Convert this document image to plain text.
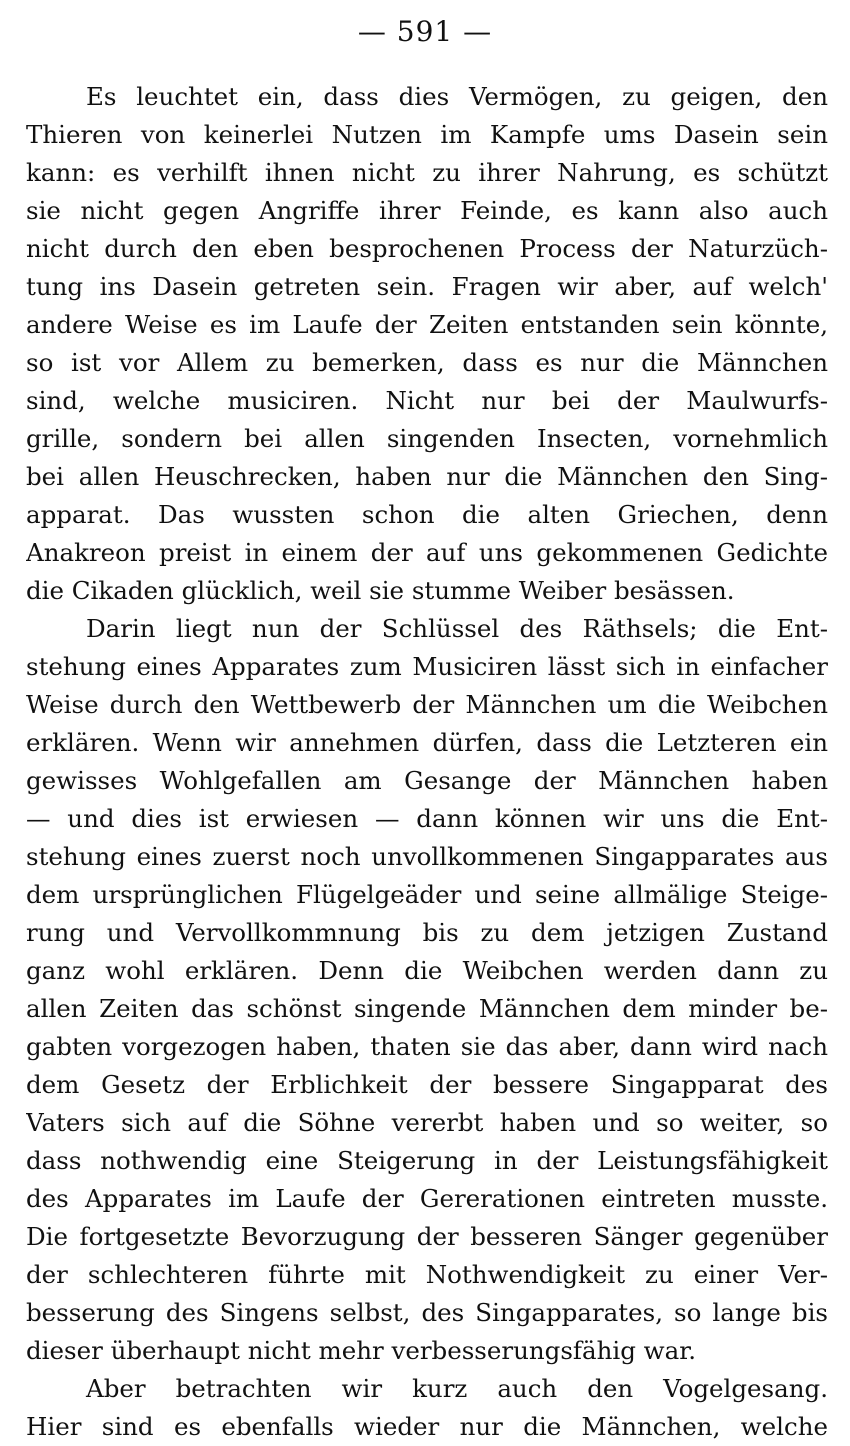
— 591 —
Es leuchtet ein, dass dies Vermögen, zu geigen, den
Thieren von keinerlei Nutzen im Kampfe ums Dasein sein
kann: es verhilft ihnen nicht zu ihrer Nahrung, es schützt
sie nicht gegen Angriffe ihrer Feinde, es kann also auch
nicht durch den eben besprochenen Process der Naturzüch-
tung ins Dasein getreten sein. Fragen wir aber, auf welch'
andere Weise es im Laufe der Zeiten entstanden sein könnte,
so ist vor Allem zu bemerken, dass es nur die Männchen
sind, welche musiciren. Nicht nur bei der Maulwurfs-
grille, sondern bei allen singenden Insecten, vornehmlich
bei allen Heuschrecken, haben nur die Männchen den Sing-
apparat. Das wussten schon die alten Griechen, denn
Anakreon preist in einem der auf uns gekommenen Gedichte
die Cikaden glücklich, weil sie stumme Weiber besässen.
Darin liegt nun der Schlüssel des Räthsels; die Ent-
stehung eines Apparates zum Musiciren lässt sich in einfacher
Weise durch den Wettbewerb der Männchen um die Weibchen
erklären. Wenn wir annehmen dürfen, dass die Letzteren ein
gewisses Wohlgefallen am Gesange der Männchen haben
— und dies ist erwiesen — dann können wir uns die Ent-
stehung eines zuerst noch unvollkommenen Singapparates aus
dem ursprünglichen Flügelgeäder und seine allmälige Steige-
rung und Vervollkommnung bis zu dem jetzigen Zustand
ganz wohl erklären. Denn die Weibchen werden dann zu
allen Zeiten das schönst singende Männchen dem minder be-
gabten vorgezogen haben, thaten sie das aber, dann wird nach
dem Gesetz der Erblichkeit der bessere Singapparat des
Vaters sich auf die Söhne vererbt haben und so weiter, so
dass nothwendig eine Steigerung in der Leistungsfähigkeit
des Apparates im Laufe der Gererationen eintreten musste.
Die fortgesetzte Bevorzugung der besseren Sänger gegenüber
der schlechteren führte mit Nothwendigkeit zu einer Ver-
besserung des Singens selbst, des Singapparates, so lange bis
dieser überhaupt nicht mehr verbesserungsfähig war.
Aber betrachten wir kurz auch den Vogelgesang.
Hier sind es ebenfalls wieder nur die Männchen, welche
